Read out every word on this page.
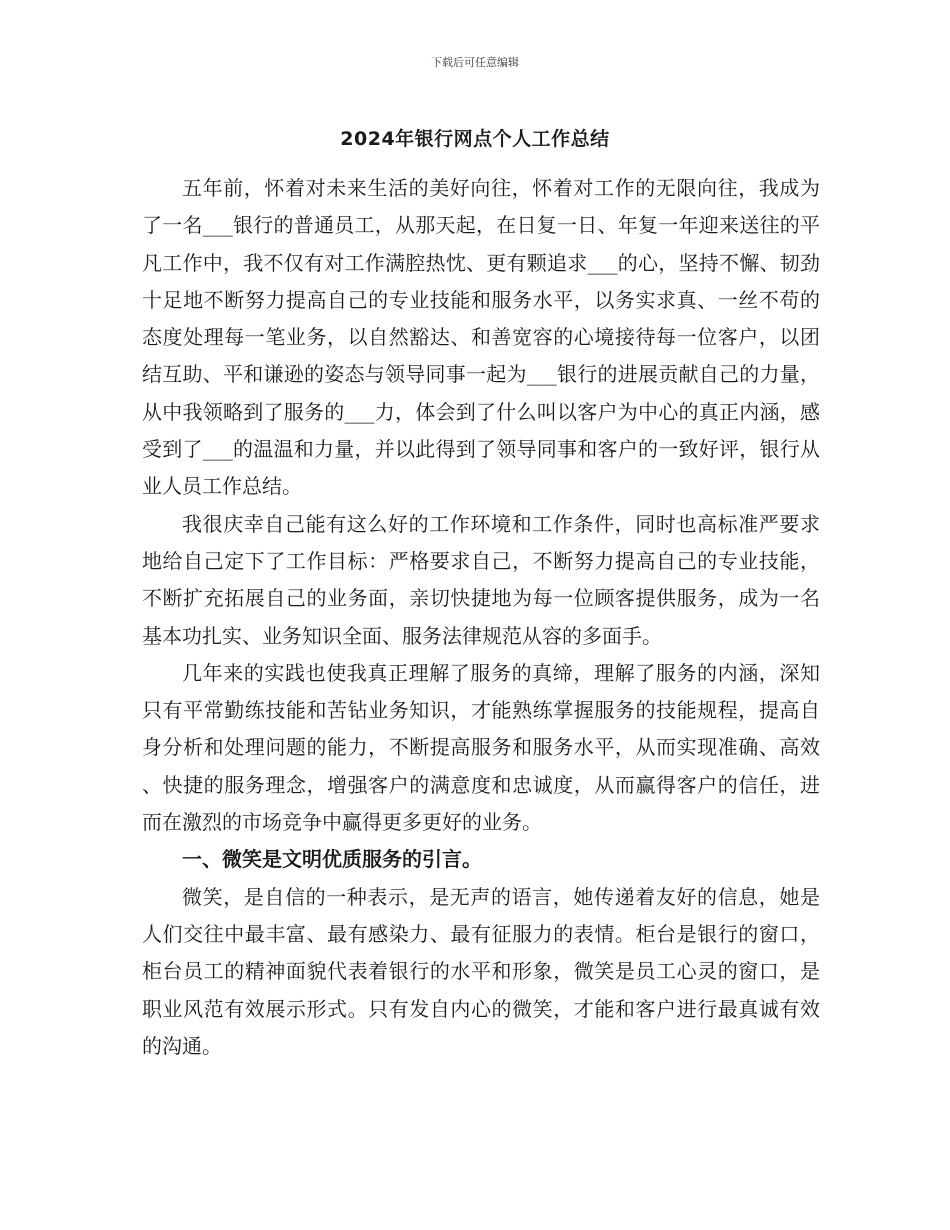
下载后可任意编辑
2024年银行网点个人工作总结

五年前，怀着对未来生活的美好向往，怀着对工作的无限向往，我成为了一名___银行的普通员工，从那天起，在日复一日、年复一年迎来送往的平凡工作中，我不仅有对工作满腔热忱、更有颗追求___的心，坚持不懈、韧劲十足地不断努力提高自己的专业技能和服务水平，以务实求真、一丝不苟的态度处理每一笔业务，以自然豁达、和善宽容的心境接待每一位客户，以团结互助、平和谦逊的姿态与领导同事一起为___银行的进展贡献自己的力量，从中我领略到了服务的___力，体会到了什么叫以客户为中心的真正内涵，感受到了___的温温和力量，并以此得到了领导同事和客户的一致好评，银行从业人员工作总结。

我很庆幸自己能有这么好的工作环境和工作条件，同时也高标准严要求地给自己定下了工作目标：严格要求自己，不断努力提高自己的专业技能，不断扩充拓展自己的业务面，亲切快捷地为每一位顾客提供服务，成为一名基本功扎实、业务知识全面、服务法律规范从容的多面手。

几年来的实践也使我真正理解了服务的真缔，理解了服务的内涵，深知只有平常勤练技能和苦钻业务知识，才能熟练掌握服务的技能规程，提高自身分析和处理问题的能力，不断提高服务和服务水平，从而实现准确、高效、快捷的服务理念，增强客户的满意度和忠诚度，从而赢得客户的信任，进而在激烈的市场竞争中赢得更多更好的业务。

一、微笑是文明优质服务的引言。

微笑，是自信的一种表示，是无声的语言，她传递着友好的信息，她是人们交往中最丰富、最有感染力、最有征服力的表情。柜台是银行的窗口，柜台员工的精神面貌代表着银行的水平和形象，微笑是员工心灵的窗口，是职业风范有效展示形式。只有发自内心的微笑，才能和客户进行最真诚有效的沟通。
